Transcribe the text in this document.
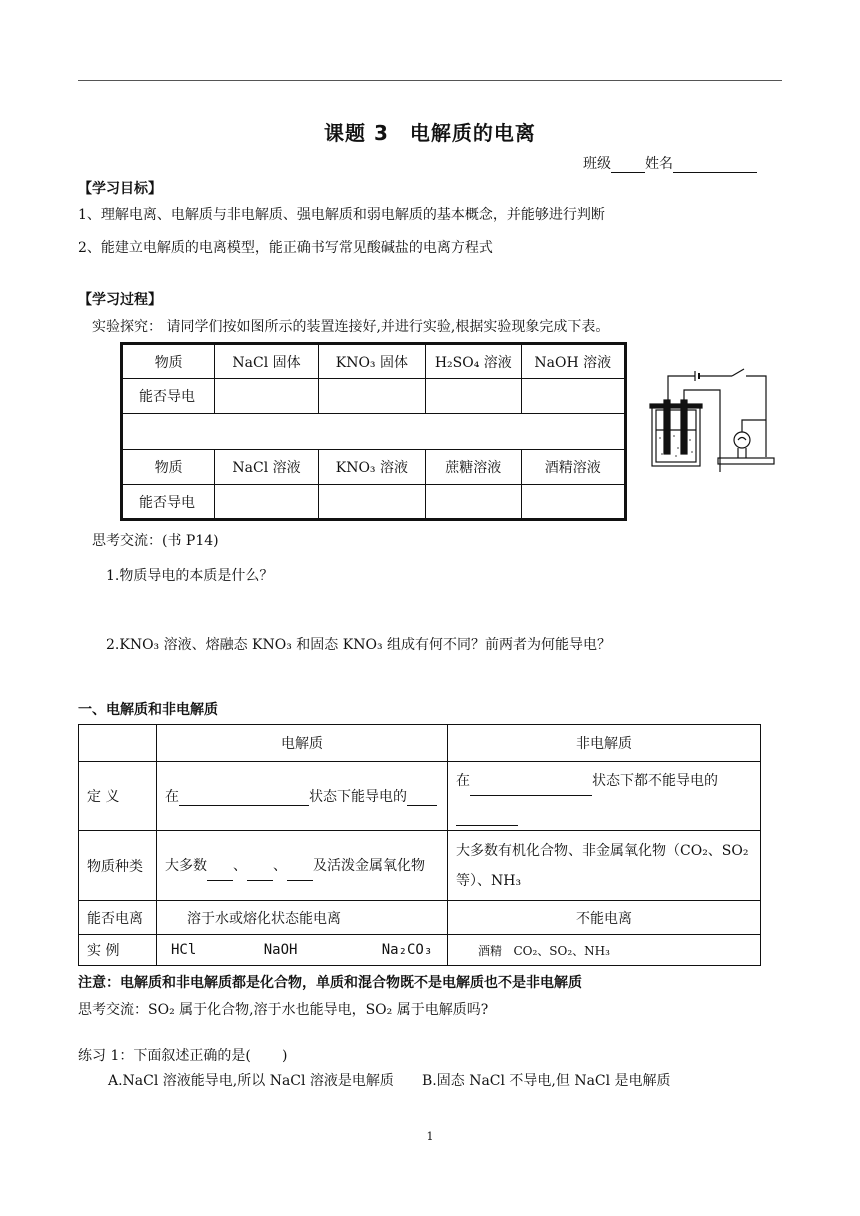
课题 3　电解质的电离
班级 姓名
【学习目标】
1、理解电离、电解质与非电解质、强电解质和弱电解质的基本概念，并能够进行判断
2、能建立电解质的电离模型，能正确书写常见酸碱盐的电离方程式
【学习过程】
实验探究： 请同学们按如图所示的装置连接好,并进行实验,根据实验现象完成下表。
物质	NaCl 固体	KNO₃ 固体	H₂SO₄ 溶液	NaOH 溶液
能否导电				

物质	NaCl 溶液	KNO₃ 溶液	蔗糖溶液	酒精溶液
能否导电				
思考交流：(书 P14)
1.物质导电的本质是什么？
2.KNO₃ 溶液、熔融态 KNO₃ 和固态 KNO₃ 组成有何不同？前两者为何能导电？
一、电解质和非电解质
	电解质	非电解质
定 义	在 状态下能导电的	在 状态下都不能导电的

物质种类	大多数 、 、 及活泼金属氧化物	大多数有机化合物、非金属氧化物（CO₂、SO₂等）、NH₃
能否电离	溶于水或熔化状态能电离	不能电离
实 例	HCl        NaOH          Na₂CO₃	酒精   CO₂、SO₂、NH₃
注意：电解质和非电解质都是化合物，单质和混合物既不是电解质也不是非电解质
思考交流：SO₂ 属于化合物,溶于水也能导电，SO₂ 属于电解质吗?
练习 1：下面叙述正确的是(       )
A.NaCl 溶液能导电,所以 NaCl 溶液是电解质 B.固态 NaCl 不导电,但 NaCl 是电解质
1
